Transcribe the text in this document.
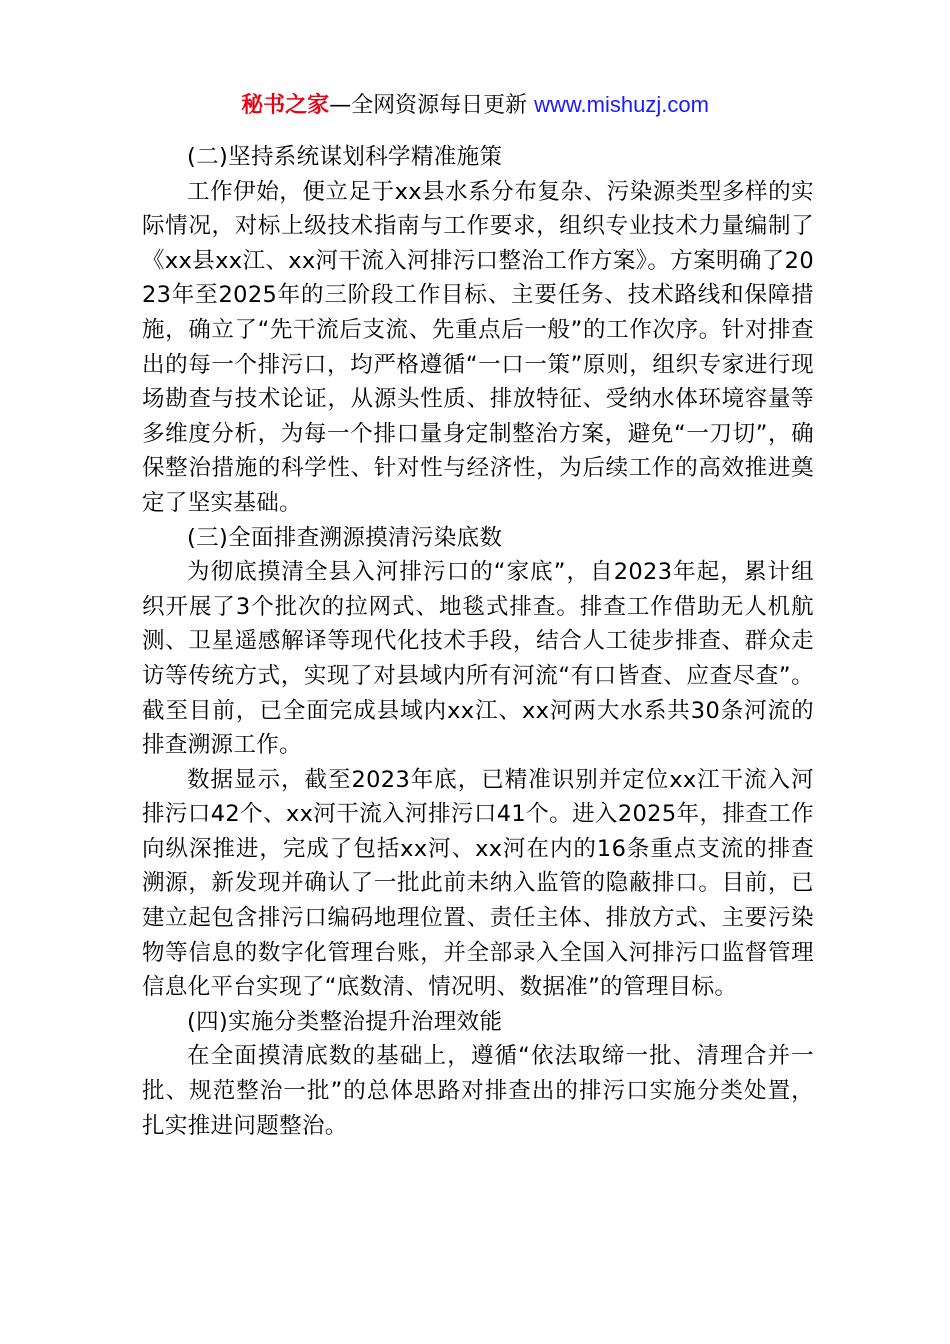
秘书之家—全网资源每日更新 www.mishuzj.com

(二)坚持系统谋划科学精准施策

工作伊始，便立足于xx县水系分布复杂、污染源类型多样的实际情况，对标上级技术指南与工作要求，组织专业技术力量编制了《xx县xx江、xx河干流入河排污口整治工作方案》。方案明确了2023年至2025年的三阶段工作目标、主要任务、技术路线和保障措施，确立了“先干流后支流、先重点后一般”的工作次序。针对排查出的每一个排污口，均严格遵循“一口一策”原则，组织专家进行现场勘查与技术论证，从源头性质、排放特征、受纳水体环境容量等多维度分析，为每一个排口量身定制整治方案，避免“一刀切”，确保整治措施的科学性、针对性与经济性，为后续工作的高效推进奠定了坚实基础。

(三)全面排查溯源摸清污染底数

为彻底摸清全县入河排污口的“家底”，自2023年起，累计组织开展了3个批次的拉网式、地毯式排查。排查工作借助无人机航测、卫星遥感解译等现代化技术手段，结合人工徒步排查、群众走访等传统方式，实现了对县域内所有河流“有口皆查、应查尽查”。截至目前，已全面完成县域内xx江、xx河两大水系共30条河流的排查溯源工作。

数据显示，截至2023年底，已精准识别并定位xx江干流入河排污口42个、xx河干流入河排污口41个。进入2025年，排查工作向纵深推进，完成了包括xx河、xx河在内的16条重点支流的排查溯源，新发现并确认了一批此前未纳入监管的隐蔽排口。目前，已建立起包含排污口编码地理位置、责任主体、排放方式、主要污染物等信息的数字化管理台账，并全部录入全国入河排污口监督管理信息化平台实现了“底数清、情况明、数据准”的管理目标。

(四)实施分类整治提升治理效能

在全面摸清底数的基础上，遵循“依法取缔一批、清理合并一批、规范整治一批”的总体思路对排查出的排污口实施分类处置，扎实推进问题整治。
